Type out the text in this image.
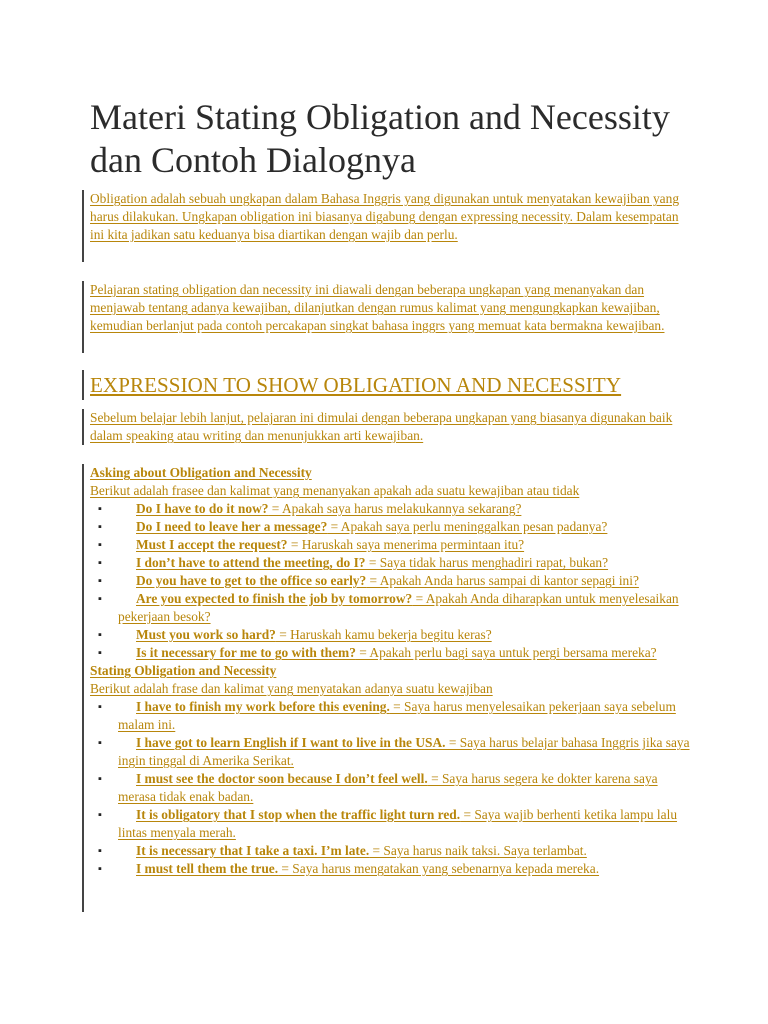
Materi Stating Obligation and Necessity dan Contoh Dialognya

Obligation adalah sebuah ungkapan dalam Bahasa Inggris yang digunakan untuk menyatakan kewajiban yang harus dilakukan. Ungkapan obligation ini biasanya digabung dengan expressing necessity. Dalam kesempatan ini kita jadikan satu keduanya bisa diartikan dengan wajib dan perlu.

Pelajaran stating obligation dan necessity ini diawali dengan beberapa ungkapan yang menanyakan dan menjawab tentang adanya kewajiban, dilanjutkan dengan rumus kalimat yang mengungkapkan kewajiban, kemudian berlanjut pada contoh percakapan singkat bahasa inggrs yang memuat kata bermakna kewajiban.

EXPRESSION TO SHOW OBLIGATION AND NECESSITY

Sebelum belajar lebih lanjut, pelajaran ini dimulai dengan beberapa ungkapan yang biasanya digunakan baik dalam speaking atau writing dan menunjukkan arti kewajiban.

Asking about Obligation and Necessity
Berikut adalah frasee dan kalimat yang menanyakan apakah ada suatu kewajiban atau tidak
▪	Do I have to do it now? = Apakah saya harus melakukannya sekarang?
▪	Do I need to leave her a message? = Apakah saya perlu meninggalkan pesan padanya?
▪	Must I accept the request? = Haruskah saya menerima permintaan itu?
▪	I don’t have to attend the meeting, do I? = Saya tidak harus menghadiri rapat, bukan?
▪	Do you have to get to the office so early? = Apakah Anda harus sampai di kantor sepagi ini?
▪	Are you expected to finish the job by tomorrow? = Apakah Anda diharapkan untuk menyelesaikan pekerjaan besok?
▪	Must you work so hard? = Haruskah kamu bekerja begitu keras?
▪	Is it necessary for me to go with them? = Apakah perlu bagi saya untuk pergi bersama mereka?
Stating Obligation and Necessity
Berikut adalah frase dan kalimat yang menyatakan adanya suatu kewajiban
▪	I have to finish my work before this evening. = Saya harus menyelesaikan pekerjaan saya sebelum malam ini.
▪	I have got to learn English if I want to live in the USA. = Saya harus belajar bahasa Inggris jika saya ingin tinggal di Amerika Serikat.
▪	I must see the doctor soon because I don’t feel well. = Saya harus segera ke dokter karena saya merasa tidak enak badan.
▪	It is obligatory that I stop when the traffic light turn red. = Saya wajib berhenti ketika lampu lalu lintas menyala merah.
▪	It is necessary that I take a taxi. I’m late. = Saya harus naik taksi. Saya terlambat.
▪	I must tell them the true. = Saya harus mengatakan yang sebenarnya kepada mereka.
